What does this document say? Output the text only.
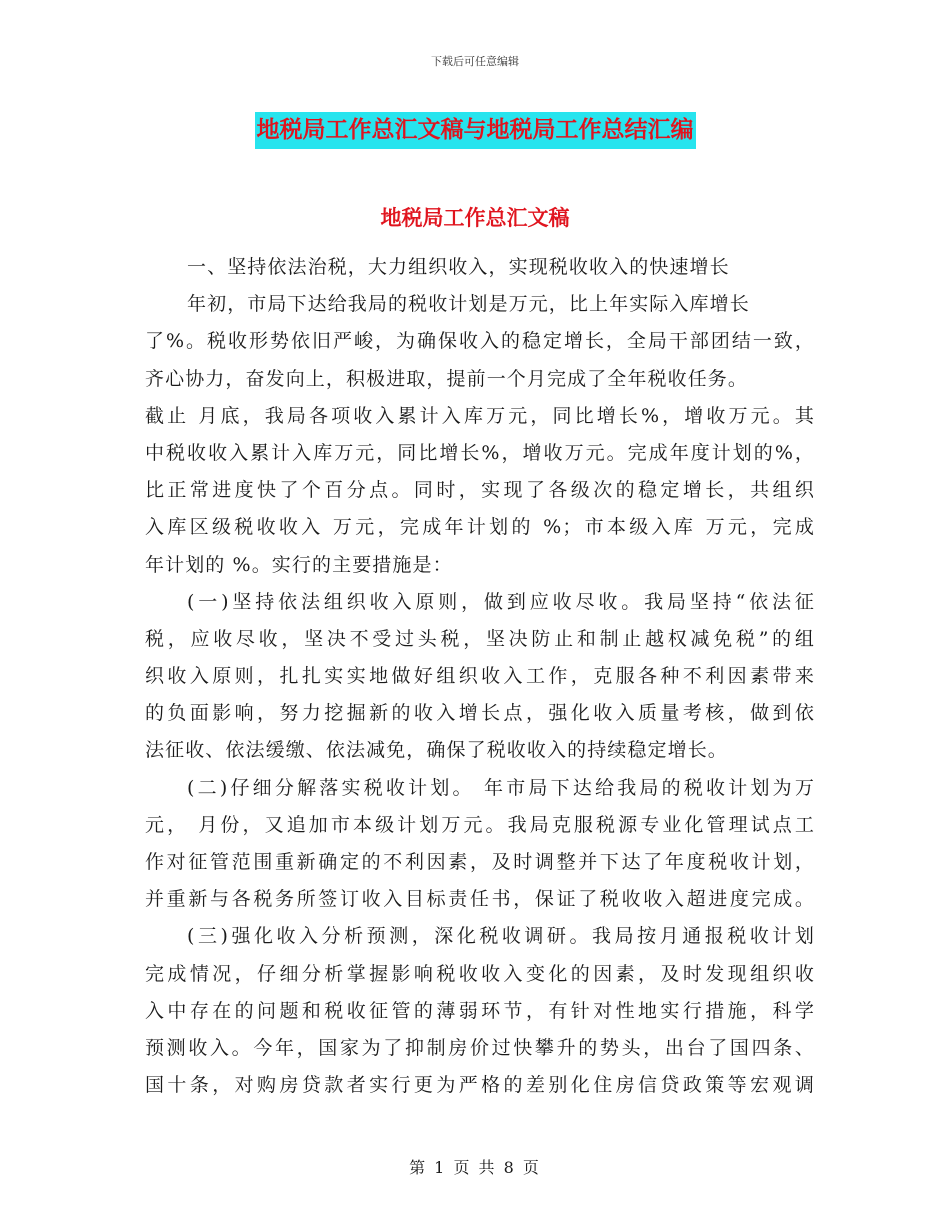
下载后可任意编辑
地税局工作总汇文稿与地税局工作总结汇编
地税局工作总汇文稿
一、坚持依法治税，大力组织收入，实现税收收入的快速增长
年初，市局下达给我局的税收计划是万元，比上年实际入库增长
了%。税收形势依旧严峻，为确保收入的稳定增长，全局干部团结一致，
齐心协力，奋发向上，积极进取，提前一个月完成了全年税收任务。
截止 月底，我局各项收入累计入库万元，同比增长%，增收万元。其
中税收收入累计入库万元，同比增长%，增收万元。完成年度计划的%，
比正常进度快了个百分点。同时，实现了各级次的稳定增长，共组织
入库区级税收收入 万元，完成年计划的 %；市本级入库 万元，完成
年计划的 %。实行的主要措施是：
(一)坚持依法组织收入原则，做到应收尽收。我局坚持“依法征
税，应收尽收，坚决不受过头税，坚决防止和制止越权减免税”的组
织收入原则，扎扎实实地做好组织收入工作，克服各种不利因素带来
的负面影响，努力挖掘新的收入增长点，强化收入质量考核，做到依
法征收、依法缓缴、依法减免，确保了税收收入的持续稳定增长。
(二)仔细分解落实税收计划。 年市局下达给我局的税收计划为万
元， 月份，又追加市本级计划万元。我局克服税源专业化管理试点工
作对征管范围重新确定的不利因素，及时调整并下达了年度税收计划，
并重新与各税务所签订收入目标责任书，保证了税收收入超进度完成。
(三)强化收入分析预测，深化税收调研。我局按月通报税收计划
完成情况，仔细分析掌握影响税收收入变化的因素，及时发现组织收
入中存在的问题和税收征管的薄弱环节，有针对性地实行措施，科学
预测收入。今年，国家为了抑制房价过快攀升的势头，出台了国四条、
国十条，对购房贷款者实行更为严格的差别化住房信贷政策等宏观调
第 1 页 共 8 页
